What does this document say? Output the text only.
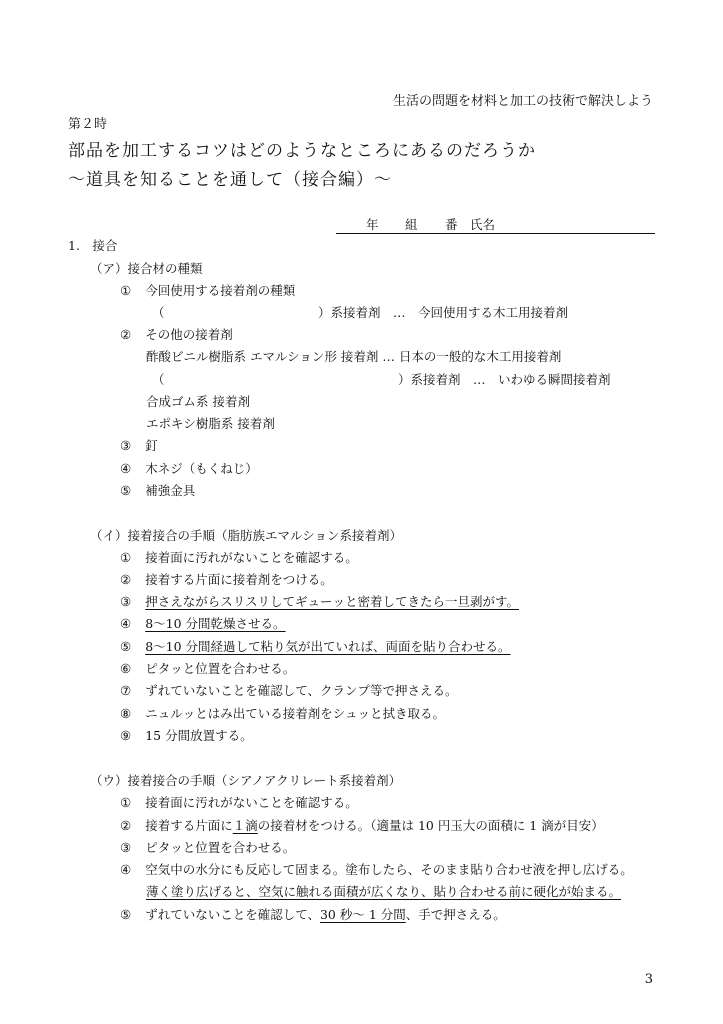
生活の問題を材料と加工の技術で解決しよう
第２時
部品を加工するコツはどのようなところにあるのだろうか
〜道具を知ることを通して（接合編）〜
年 組 番 氏名
1.　接合
（ア）接合材の種類
① 今回使用する接着剤の種類
（	）系接着剤　…　今回使用する木工用接着剤
② その他の接着剤
酢酸ビニル樹脂系 エマルション形 接着剤 … 日本の一般的な木工用接着剤
（	）系接着剤　…　いわゆる瞬間接着剤
合成ゴム系 接着剤
エポキシ樹脂系 接着剤
③ 釘
④ 木ネジ（もくねじ）
⑤ 補強金具
（イ）接着接合の手順（脂肪族エマルション系接着剤）
① 接着面に汚れがないことを確認する。
② 接着する片面に接着剤をつける。
③ 押さえながらスリスリしてギューッと密着してきたら一旦剥がす。
④ 8〜10 分間乾燥させる。
⑤ 8〜10 分間経過して粘り気が出ていれば、両面を貼り合わせる。
⑥ ピタッと位置を合わせる。
⑦ ずれていないことを確認して、クランプ等で押さえる。
⑧ ニュルッとはみ出ている接着剤をシュッと拭き取る。
⑨ 15 分間放置する。
（ウ）接着接合の手順（シアノアクリレート系接着剤）
① 接着面に汚れがないことを確認する。
② 接着する片面に１滴の接着材をつける。（適量は 10 円玉大の面積に 1 滴が目安）
③ ピタッと位置を合わせる。
④ 空気中の水分にも反応して固まる。塗布したら、そのまま貼り合わせ液を押し広げる。
薄く塗り広げると、空気に触れる面積が広くなり、貼り合わせる前に硬化が始まる。
⑤ ずれていないことを確認して、30 秒〜 1 分間、手で押さえる。
3
